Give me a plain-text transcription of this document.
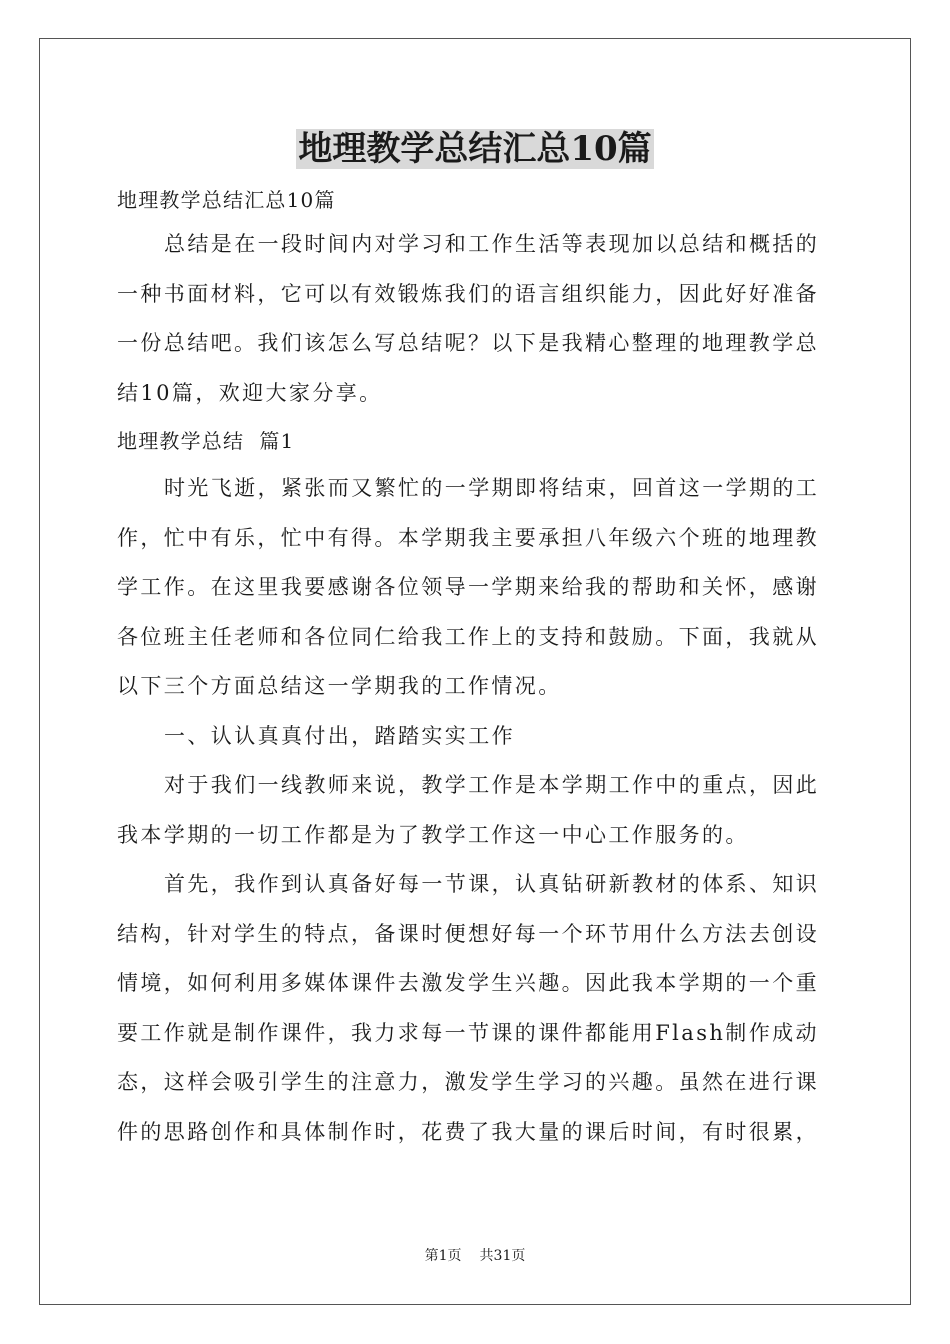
地理教学总结汇总10篇
地理教学总结汇总10篇
总结是在一段时间内对学习和工作生活等表现加以总结和概括的
一种书面材料，它可以有效锻炼我们的语言组织能力，因此好好准备
一份总结吧。我们该怎么写总结呢？以下是我精心整理的地理教学总
结10篇，欢迎大家分享。
地理教学总结  篇1
时光飞逝，紧张而又繁忙的一学期即将结束，回首这一学期的工
作，忙中有乐，忙中有得。本学期我主要承担八年级六个班的地理教
学工作。在这里我要感谢各位领导一学期来给我的帮助和关怀，感谢
各位班主任老师和各位同仁给我工作上的支持和鼓励。下面，我就从
以下三个方面总结这一学期我的工作情况。
一、认认真真付出，踏踏实实工作
对于我们一线教师来说，教学工作是本学期工作中的重点，因此
我本学期的一切工作都是为了教学工作这一中心工作服务的。
首先，我作到认真备好每一节课，认真钻研新教材的体系、知识
结构，针对学生的特点，备课时便想好每一个环节用什么方法去创设
情境，如何利用多媒体课件去激发学生兴趣。因此我本学期的一个重
要工作就是制作课件，我力求每一节课的课件都能用Flash制作成动
态，这样会吸引学生的注意力，激发学生学习的兴趣。虽然在进行课
件的思路创作和具体制作时，花费了我大量的课后时间，有时很累，
第1页 共31页
